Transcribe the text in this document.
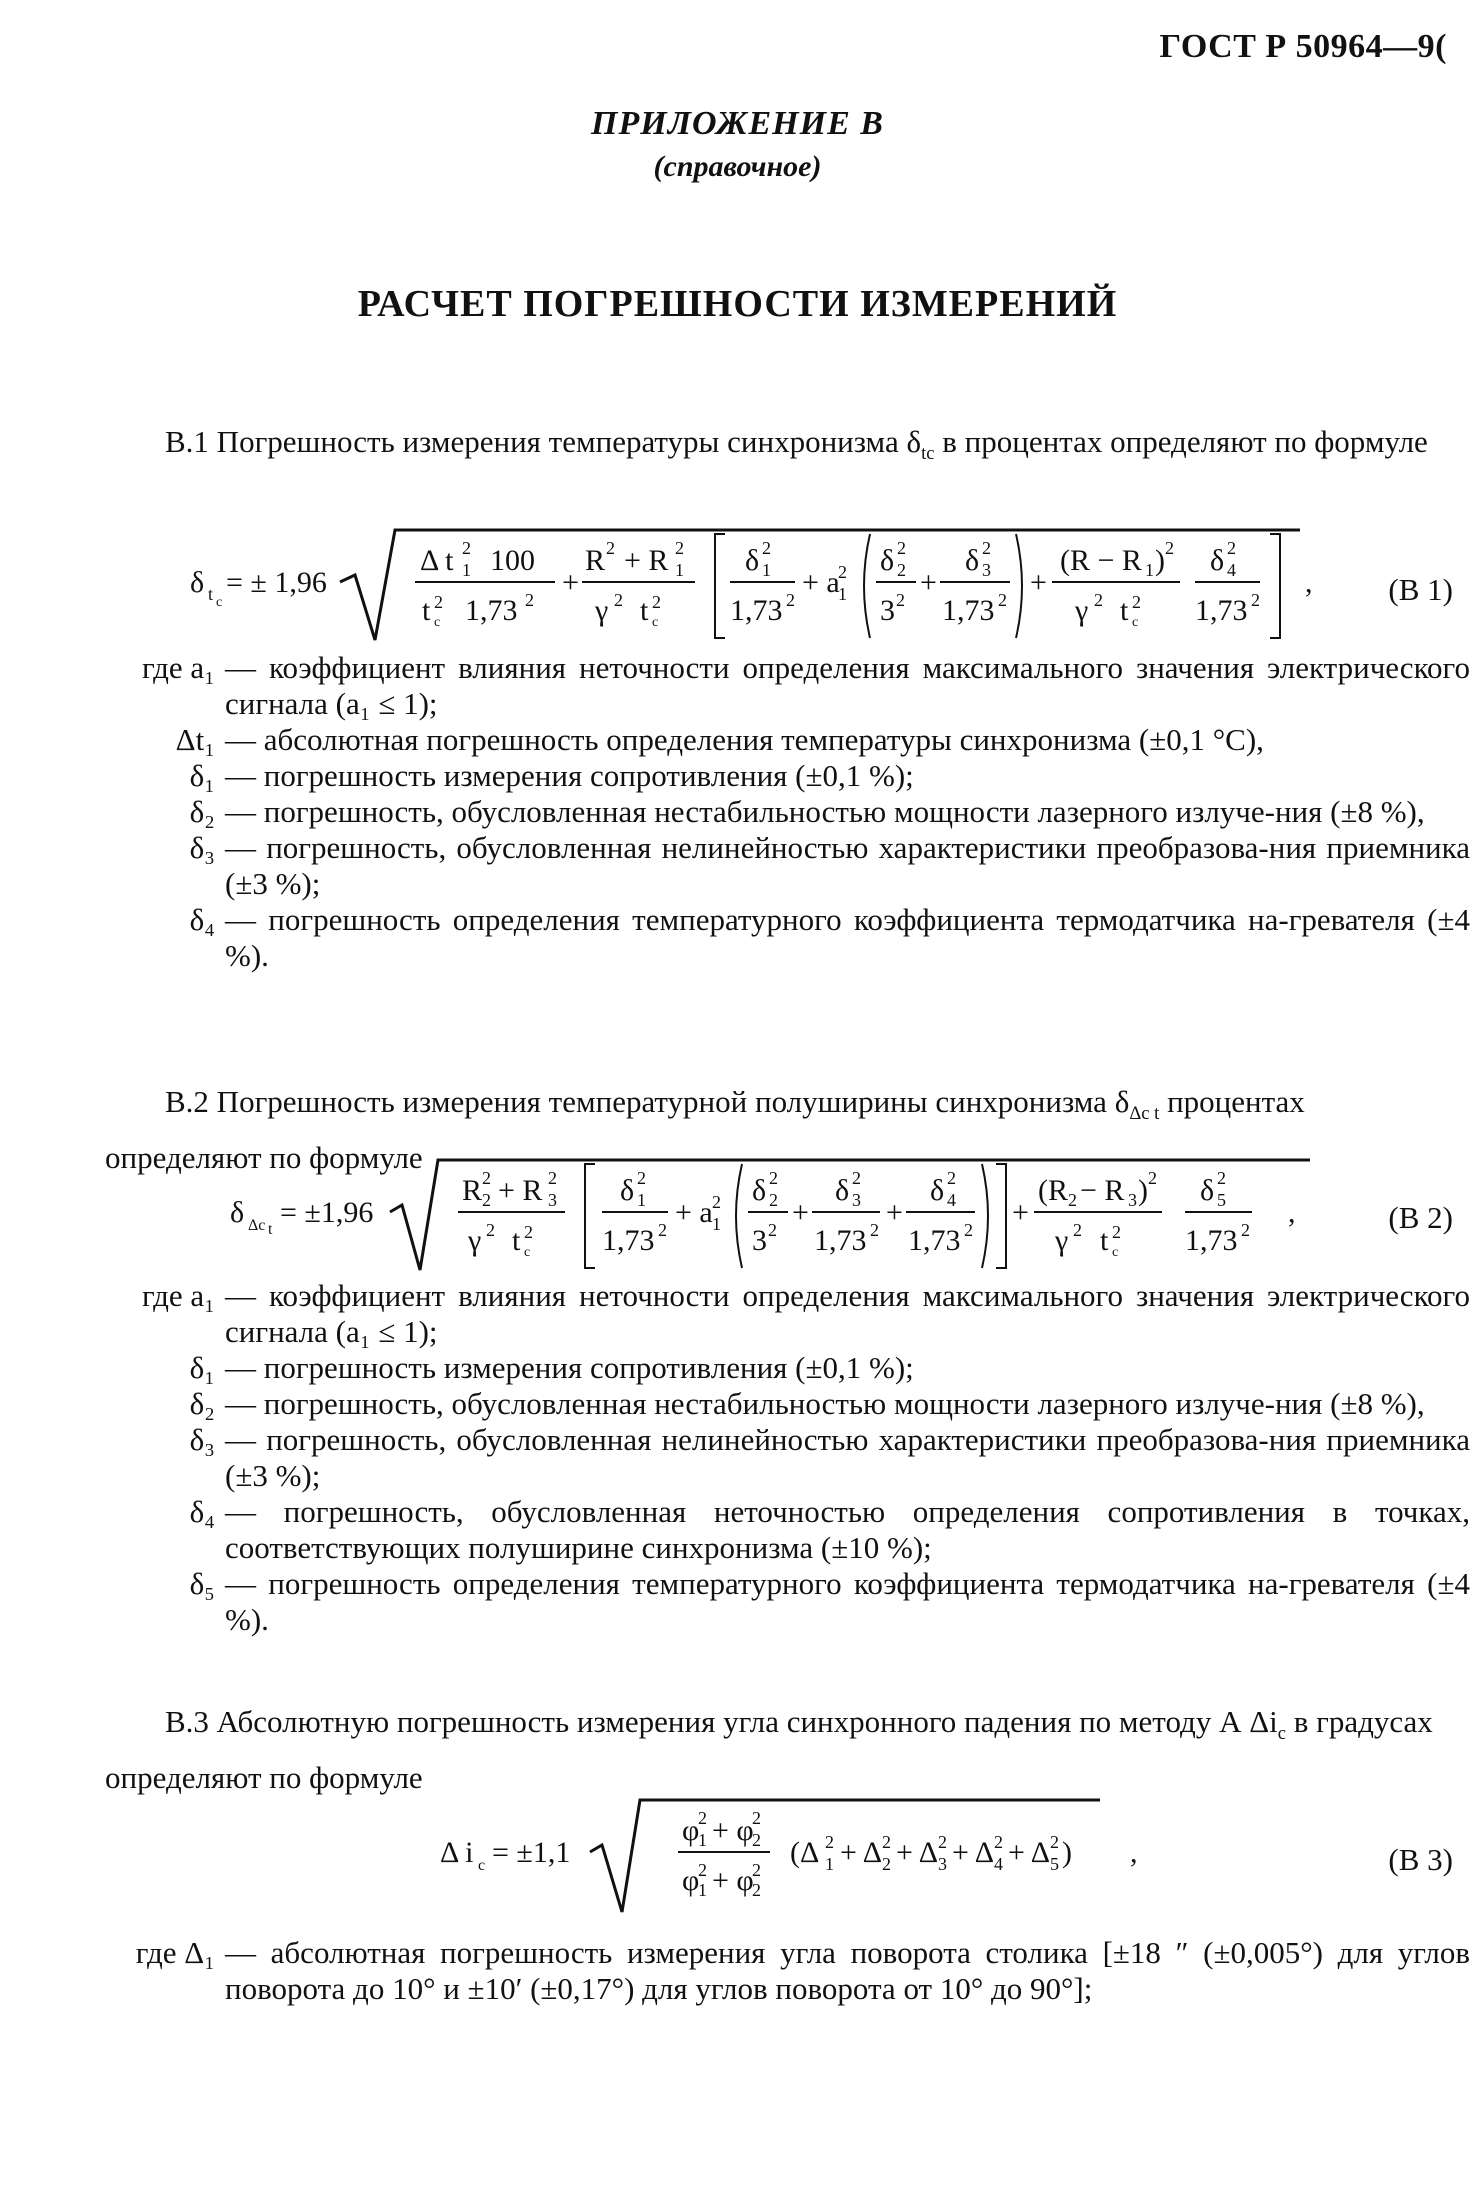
ГОСТ Р 50964—9(
ПРИЛОЖЕНИЕ В
(справочное)
РАСЧЕТ ПОГРЕШНОСТИ ИЗМЕРЕНИЙ
В.1 Погрешность измерения температуры синхронизма $\delta_{tc}$ в процентах определяют по формуле
δ t c
= ± 1,96
Δ t 2
1 100
t 2
c 1,73 2
+
R 2 + R 2
1
γ 2 t 2
c
δ 2
1
1,73 2
+ a
2
1
δ 2
2
3 2
+
δ 2
3
1,73 2
+
(R − R 1 ) 2
γ 2 t 2
c
δ 2
4
1,73 2
, (В 1)
где a₁ — коэффициент влияния неточности определения максимального значения электрического сигнала (a₁ ≤ 1);
Δt₁ — абсолютная погрешность определения температуры синхронизма (±0,1 °С),
δ₁ — погрешность измерения сопротивления (±0,1 %);
δ₂ — погрешность, обусловленная нестабильностью мощности лазерного излуче-ния (±8 %),
δ₃ — погрешность, обусловленная нелинейностью характеристики преобразова-ния приемника (±3 %);
δ₄ — погрешность определения температурного коэффициента термодатчика на-гревателя (±4 %).
В.2 Погрешность измерения температурной полуширины синхронизма $\delta_{\Delta c t}$ процентах определяют по формуле
δ Δc t
= ±1,96
R 2
2 + R 2
3
γ 2 t 2
c
δ 2
1
1,73 2
+ a 2
1
δ 2
2
3 2
+
δ 2
3
1,73 2
+
δ 2
4
1,73 2
+
(R 2 − R 3 ) 2
γ 2 t 2
c
δ 2
5
1,73 2
,	(В 2)
где a₁ — коэффициент влияния неточности определения максимального значения электрического сигнала (a₁ ≤ 1);
δ₁ — погрешность измерения сопротивления (±0,1 %);
δ₂ — погрешность, обусловленная нестабильностью мощности лазерного излуче-ния (±8 %),
δ₃ — погрешность, обусловленная нелинейностью характеристики преобразова-ния приемника (±3 %);
δ₄ — погрешность, обусловленная неточностью определения сопротивления в точках, соответствующих полуширине синхронизма (±10 %);
δ₅ — погрешность определения температурного коэффициента термодатчика на-гревателя (±4 %).
В.3 Абсолютную погрешность измерения угла синхронного падения по методу А $\Delta i_c$ в градусах определяют по формуле
Δ i c = ±1,1
φ
2
1 + φ
2
2
φ
2
1 + φ
2
2
(Δ 2
1 + Δ 2
2 + Δ 2
3 + Δ 2
4 + Δ 2
5 ) ,	(В 3)
где Δ₁ — абсолютная погрешность измерения угла поворота столика [±18 ″ (±0,005°) для углов поворота до 10° и ±10′ (±0,17°) для углов поворота от 10° до 90°];
